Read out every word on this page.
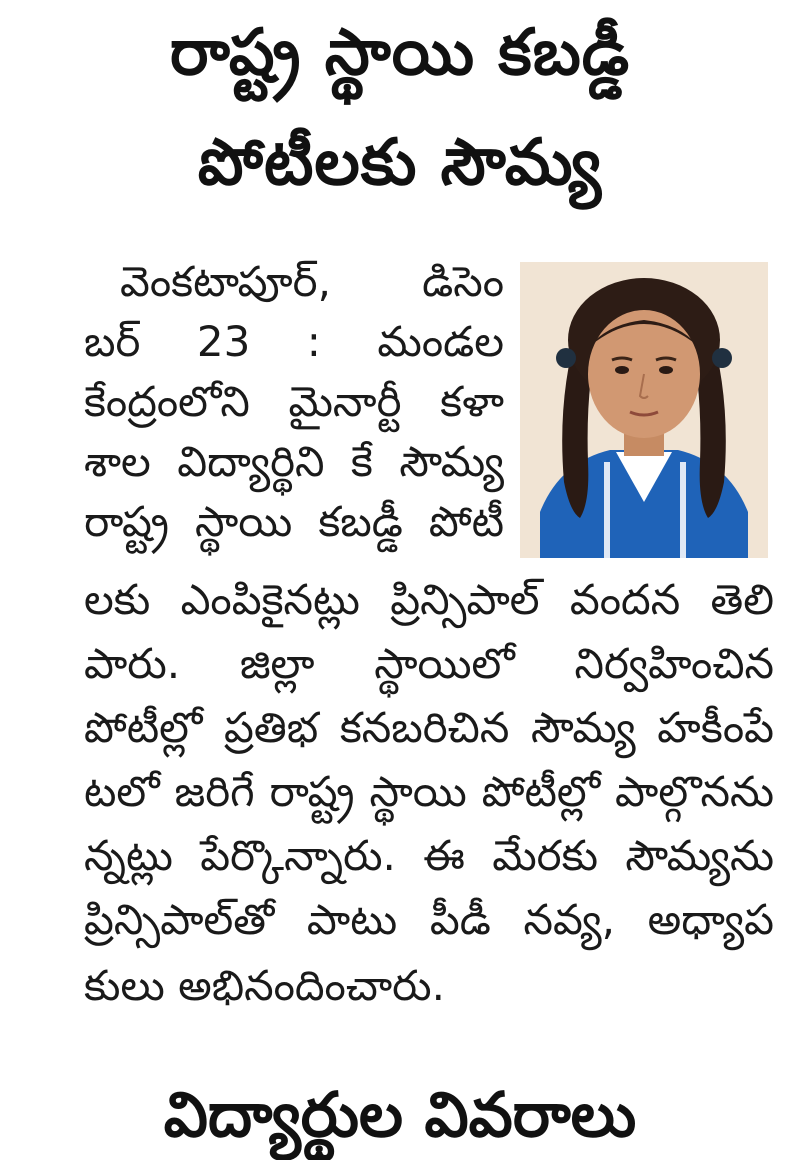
రాష్ట్ర స్థాయి కబడ్డీ
పోటీలకు సౌమ్య
వెంకటాపూర్, డిసెం
బర్ 23 : మండల
కేంద్రంలోని మైనార్టీ కళా
శాల విద్యార్థిని కే సౌమ్య
రాష్ట్ర స్థాయి కబడ్డీ పోటీ
లకు ఎంపికైనట్లు ప్రిన్సిపాల్ వందన తెలి
పారు. జిల్లా స్థాయిలో నిర్వహించిన
పోటీల్లో ప్రతిభ కనబరిచిన సౌమ్య హకీంపే
టలో జరిగే రాష్ట్ర స్థాయి పోటీల్లో పాల్గొనను
న్నట్లు పేర్కొన్నారు. ఈ మేరకు సౌమ్యను
ప్రిన్సిపాల్‌తో పాటు పీడీ నవ్య, అధ్యాప
కులు అభినందించారు.
విద్యార్థుల వివరాలు
